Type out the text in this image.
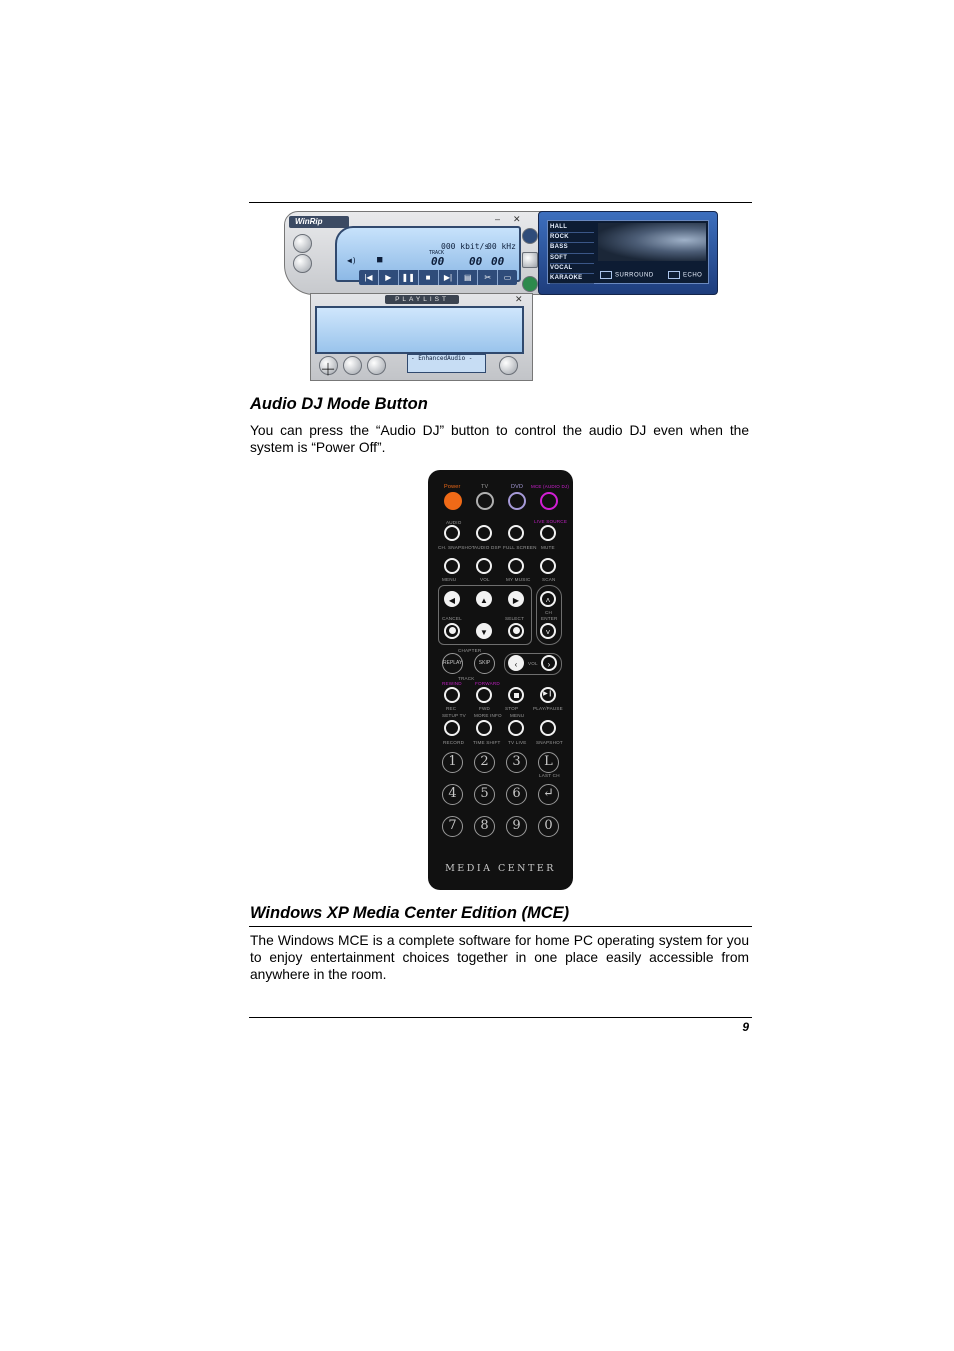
WinRip	– ✕
000 kbit/s
00 kHz
TRACK
00 00 00
◀) ■
|◀	▶	❚❚	■	▶|	▤	✂	▭
HALL
ROCK
BASS
SOFT
VOCAL
KARAOKE	SURROUND	ECHO
PLAYLIST	✕
＋
- EnhancedAudio -
Audio DJ Mode Button

You can press the “Audio DJ” button to control the audio DJ even when the system is “Power Off”.

Power	TV	DVD MCE (AUDIO DJ)
AUDIO	LIVE SOURCE
CH. SNAPSHOT AUDIO DSP FULL SCREEN MUTE
MENU	VOL	MY MUSIC	SCAN
◀	▲	▶	˄
CH
ENTER
CANCEL	SELECT
▼	˅
CHAPTER
REPLAY	SKIP	‹	VOL	›
TRACK
REWIND	FORWARD
▶❙
REC	FWD	STOP	PLAY/PAUSE
SETUP TV MORE INFO MENU
RECORD TIME SHIFT TV LIVE SNAPSHOT
1	2	3	L
4	5	6	↵
7	8	9	0
LAST CH
MEDIA CENTER
Windows XP Media Center Edition (MCE)

The Windows MCE is a complete software for home PC operating system for you to enjoy entertainment choices together in one place easily accessible from anywhere in the room.

9
